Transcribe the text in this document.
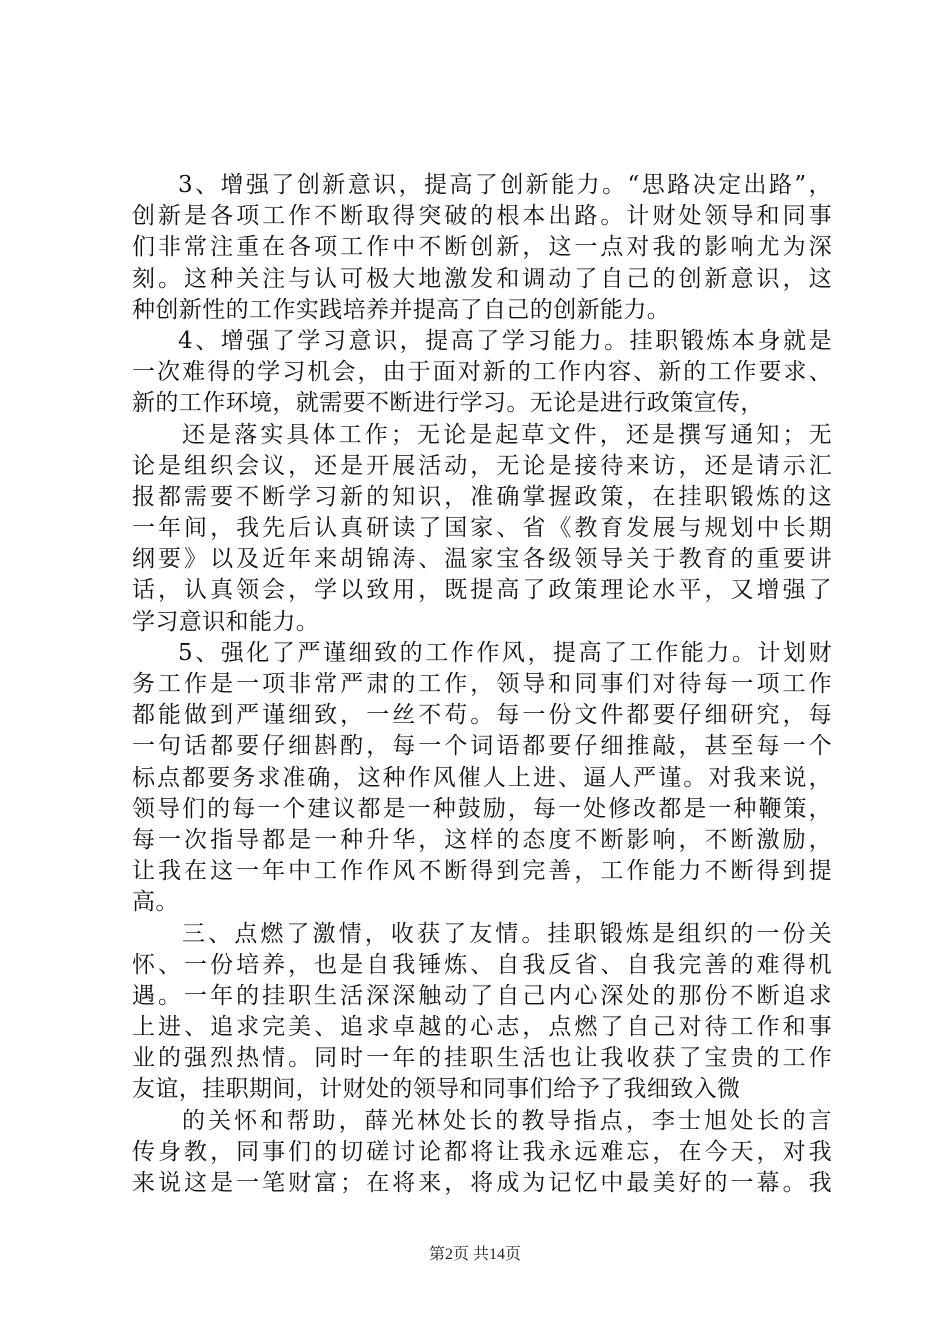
3、增强了创新意识，提高了创新能力。“思路决定出路”，
创新是各项工作不断取得突破的根本出路。计财处领导和同事
们非常注重在各项工作中不断创新，这一点对我的影响尤为深
刻。这种关注与认可极大地激发和调动了自己的创新意识，这
种创新性的工作实践培养并提高了自己的创新能力。
4、增强了学习意识，提高了学习能力。挂职锻炼本身就是
一次难得的学习机会，由于面对新的工作内容、新的工作要求、
新的工作环境，就需要不断进行学习。无论是进行政策宣传，
还是落实具体工作；无论是起草文件，还是撰写通知；无
论是组织会议，还是开展活动，无论是接待来访，还是请示汇
报都需要不断学习新的知识，准确掌握政策，在挂职锻炼的这
一年间，我先后认真研读了国家、省《教育发展与规划中长期
纲要》以及近年来胡锦涛、温家宝各级领导关于教育的重要讲
话，认真领会，学以致用，既提高了政策理论水平，又增强了
学习意识和能力。
5、强化了严谨细致的工作作风，提高了工作能力。计划财
务工作是一项非常严肃的工作，领导和同事们对待每一项工作
都能做到严谨细致，一丝不苟。每一份文件都要仔细研究，每
一句话都要仔细斟酌，每一个词语都要仔细推敲，甚至每一个
标点都要务求准确，这种作风催人上进、逼人严谨。对我来说，
领导们的每一个建议都是一种鼓励，每一处修改都是一种鞭策，
每一次指导都是一种升华，这样的态度不断影响，不断激励，
让我在这一年中工作作风不断得到完善，工作能力不断得到提
高。
三、点燃了激情，收获了友情。挂职锻炼是组织的一份关
怀、一份培养，也是自我锤炼、自我反省、自我完善的难得机
遇。一年的挂职生活深深触动了自己内心深处的那份不断追求
上进、追求完美、追求卓越的心志，点燃了自己对待工作和事
业的强烈热情。同时一年的挂职生活也让我收获了宝贵的工作
友谊，挂职期间，计财处的领导和同事们给予了我细致入微
的关怀和帮助，薛光林处长的教导指点，李士旭处长的言
传身教，同事们的切磋讨论都将让我永远难忘，在今天，对我
来说这是一笔财富；在将来，将成为记忆中最美好的一幕。我
第2页 共14页
